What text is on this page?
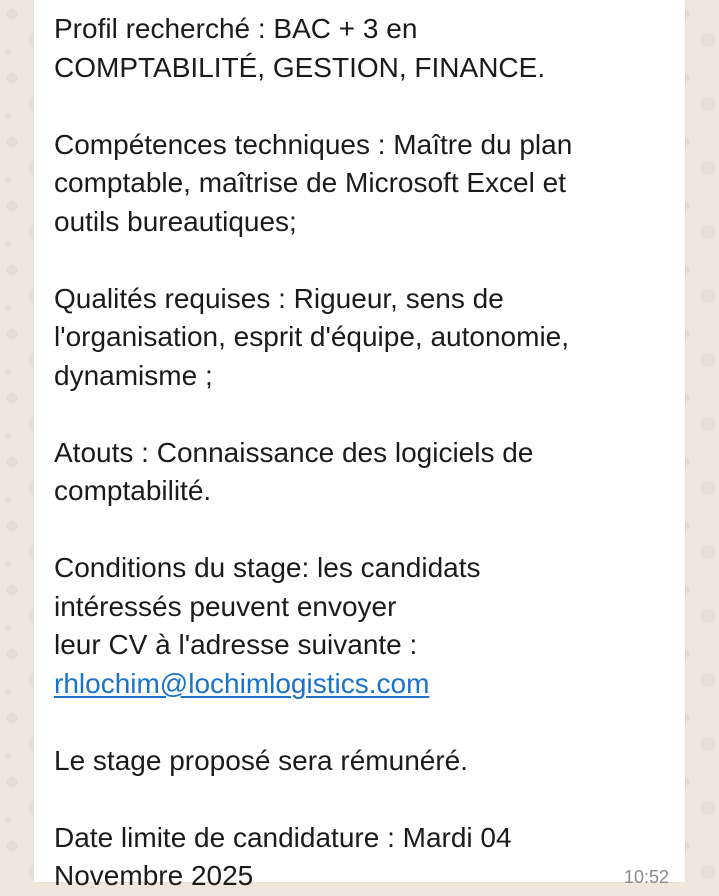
Profil recherché : BAC + 3 en
COMPTABILITÉ, GESTION, FINANCE.

Compétences techniques : Maître du plan
comptable, maîtrise de Microsoft Excel et
outils bureautiques;

Qualités requises : Rigueur, sens de
l'organisation, esprit d'équipe, autonomie,
dynamisme ;

Atouts : Connaissance des logiciels de
comptabilité.

Conditions du stage: les candidats
intéressés peuvent envoyer
leur CV à l'adresse suivante :
rhlochim@lochimlogistics.com

Le stage proposé sera rémunéré.

Date limite de candidature : Mardi 04
Novembre 2025	10:52
